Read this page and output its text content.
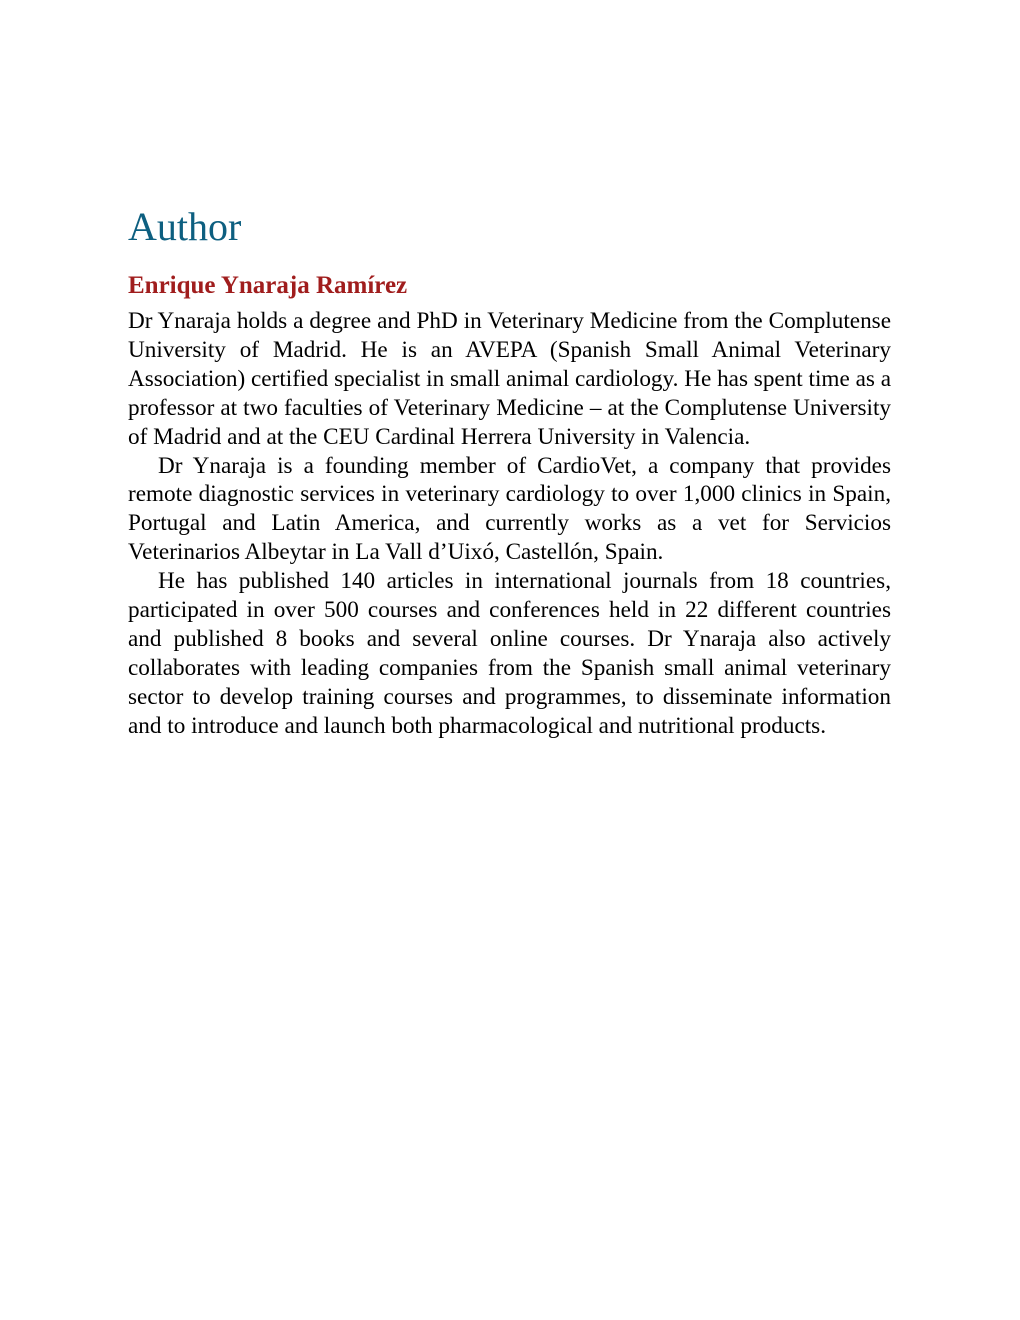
Author
Enrique Ynaraja Ramírez

Dr Ynaraja holds a degree and PhD in Veterinary Medicine from the Complutense University of Madrid. He is an AVEPA (Spanish Small Animal Veterinary Association) certified specialist in small animal cardiology. He has spent time as a professor at two faculties of Veterinary Medicine – at the Complutense University of Madrid and at the CEU Cardinal Herrera University in Valencia.

Dr Ynaraja is a founding member of CardioVet, a company that provides remote diagnostic services in veterinary cardiology to over 1,000 clinics in Spain, Portugal and Latin America, and currently works as a vet for Servicios Veterinarios Albeytar in La Vall d’Uixó, Castellón, Spain.

He has published 140 articles in international journals from 18 countries, participated in over 500 courses and conferences held in 22 different countries and published 8 books and several online courses. Dr Ynaraja also actively collaborates with leading companies from the Spanish small animal veterinary sector to develop training courses and programmes, to disseminate information and to introduce and launch both pharmacological and nutritional products.
